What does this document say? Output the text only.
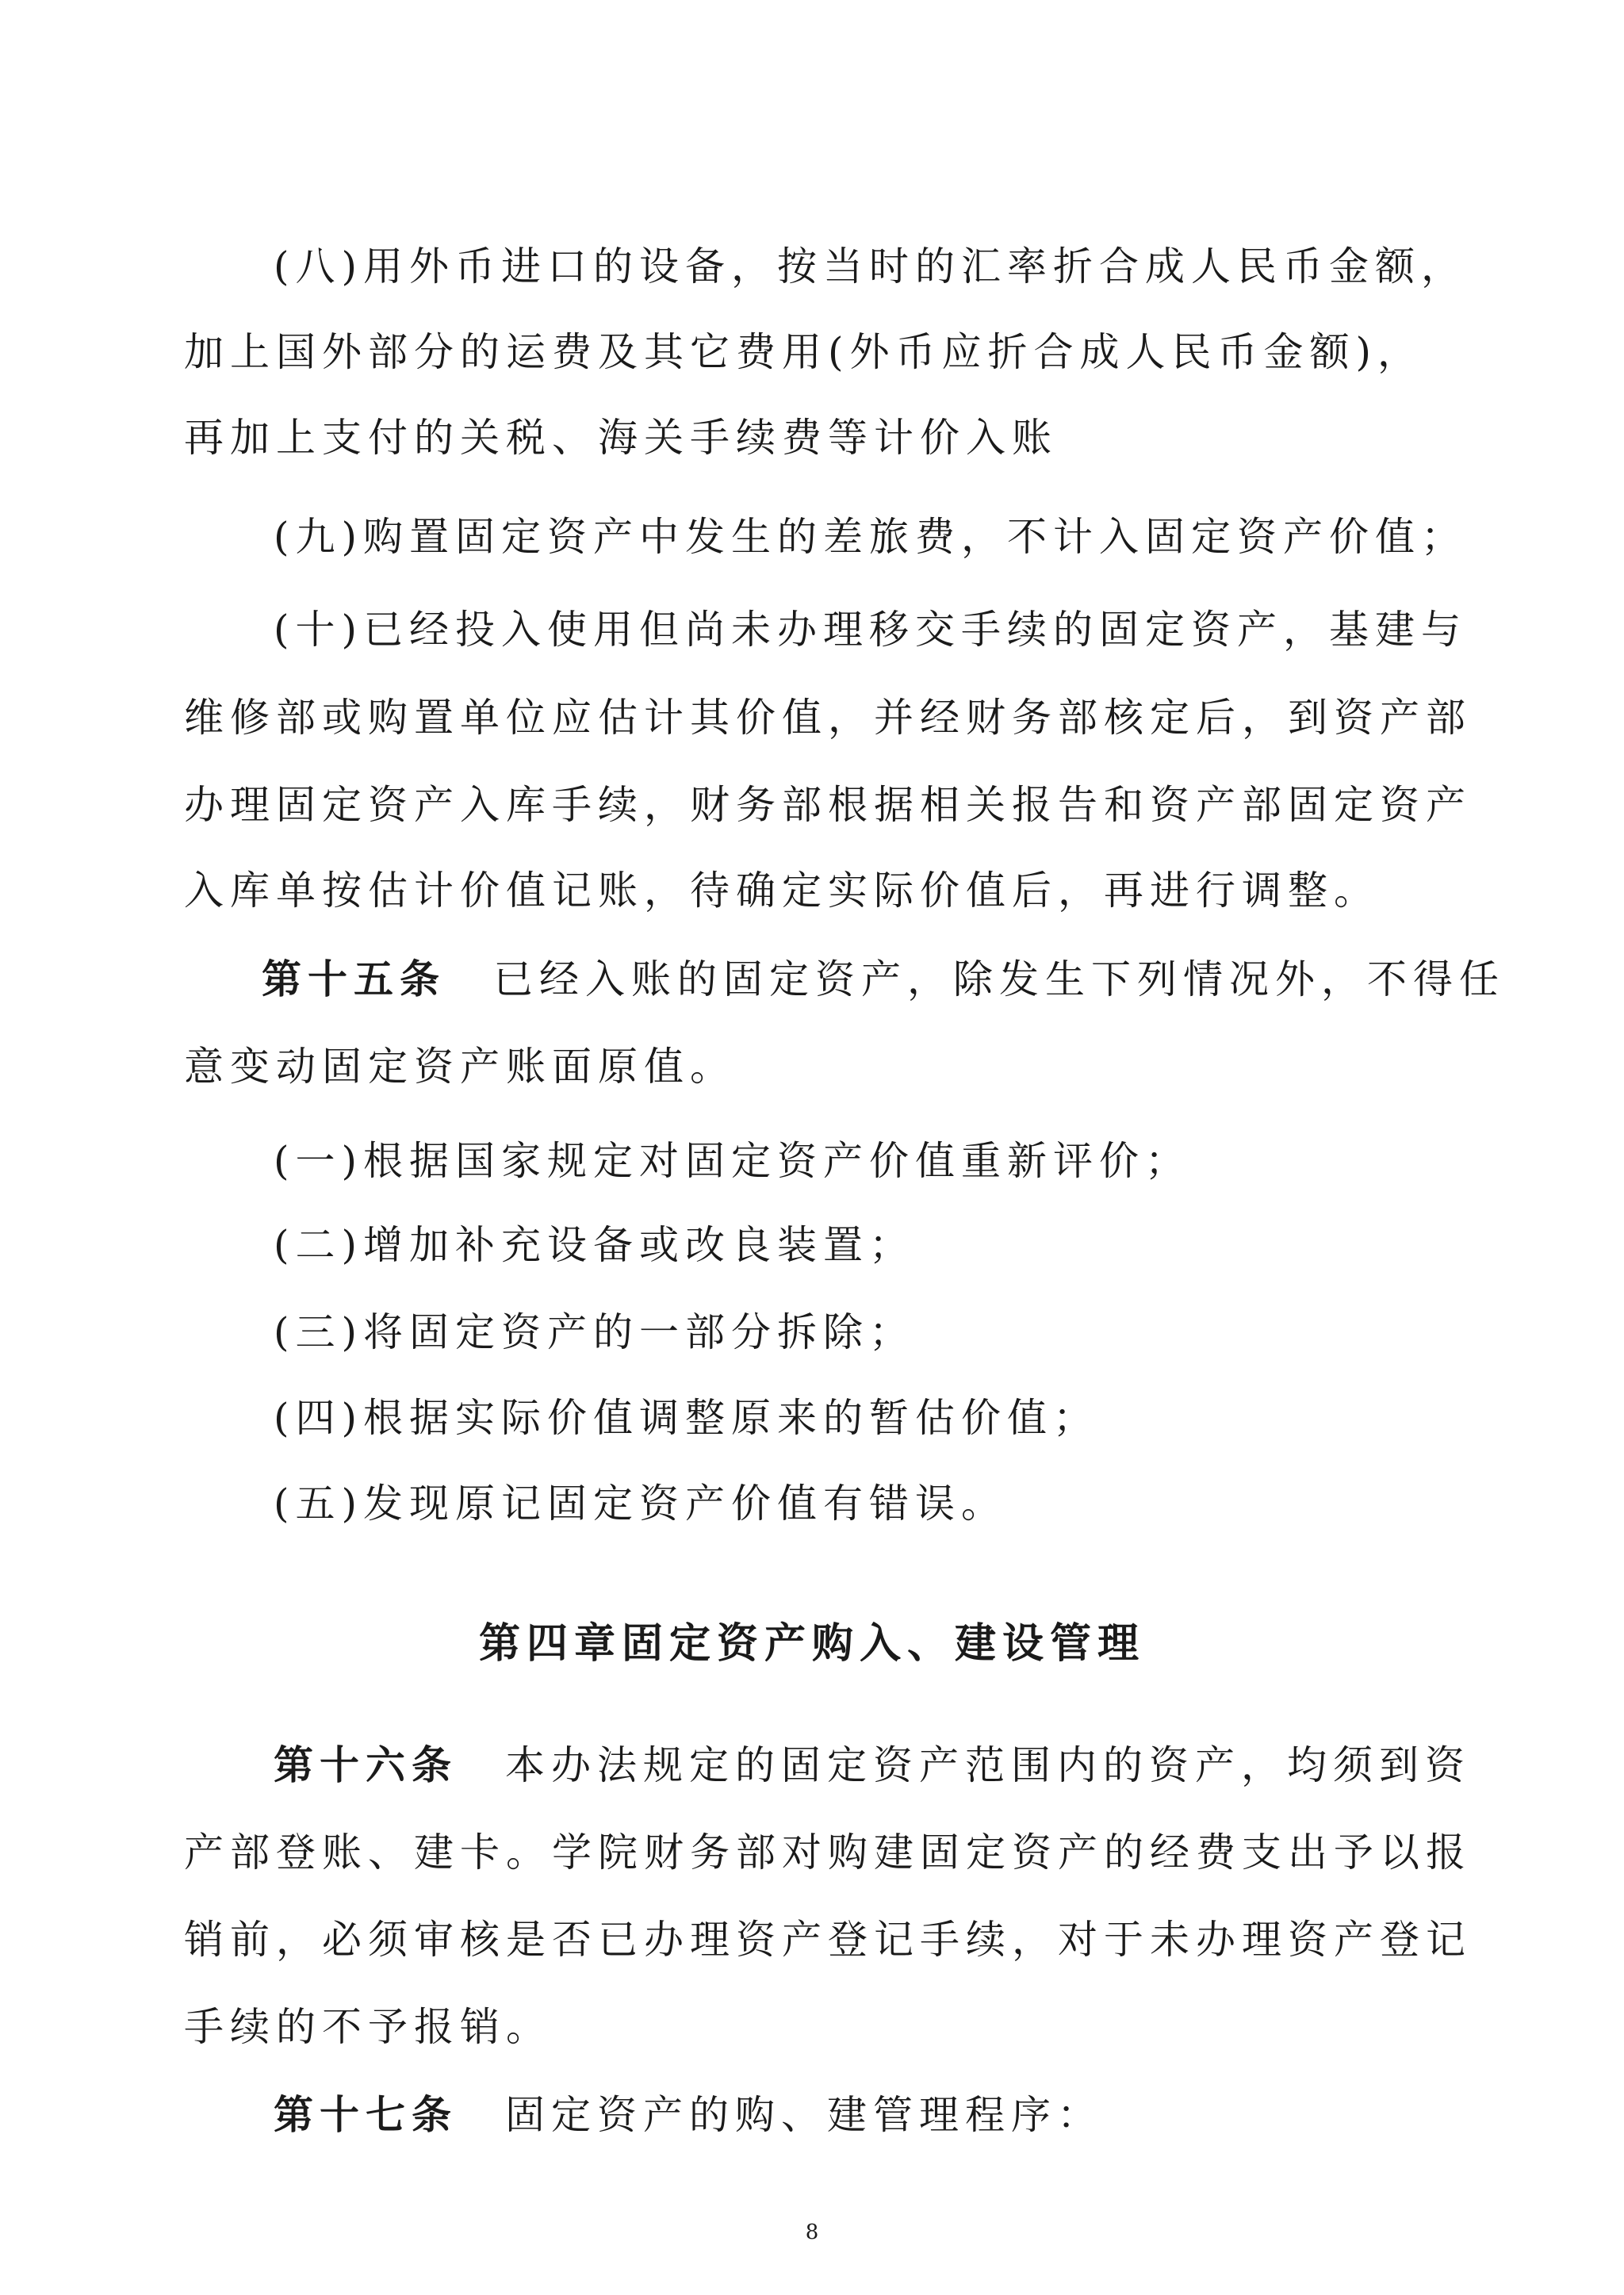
(八)用外币进口的设备，按当时的汇率折合成人民币金额，
加上国外部分的运费及其它费用(外币应折合成人民币金额)，
再加上支付的关税、海关手续费等计价入账
(九)购置固定资产中发生的差旅费，不计入固定资产价值；
(十)已经投入使用但尚未办理移交手续的固定资产，基建与
维修部或购置单位应估计其价值，并经财务部核定后，到资产部
办理固定资产入库手续，财务部根据相关报告和资产部固定资产
入库单按估计价值记账，待确定实际价值后，再进行调整。
第十五条 已经入账的固定资产，除发生下列情况外，不得任
意变动固定资产账面原值。
(一)根据国家规定对固定资产价值重新评价；
(二)增加补充设备或改良装置；
(三)将固定资产的一部分拆除；
(四)根据实际价值调整原来的暂估价值；
(五)发现原记固定资产价值有错误。
第四章固定资产购入、建设管理
第十六条 本办法规定的固定资产范围内的资产，均须到资
产部登账、建卡。学院财务部对购建固定资产的经费支出予以报
销前，必须审核是否已办理资产登记手续，对于未办理资产登记
手续的不予报销。
第十七条 固定资产的购、建管理程序：
8
